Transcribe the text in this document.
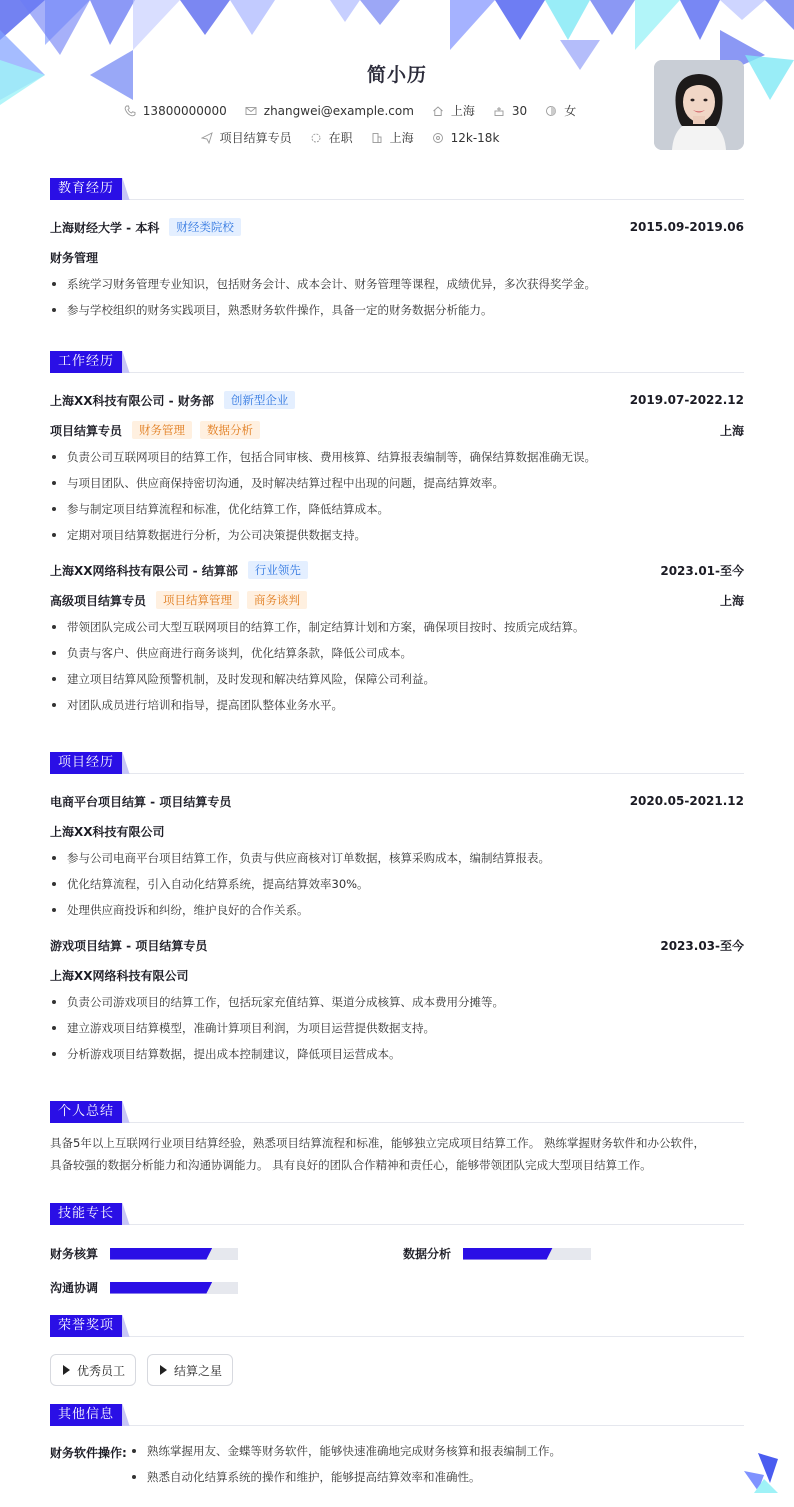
简小历
13800000000	zhangwei@example.com	上海	30	女
项目结算专员	在职	上海	12k-18k
教育经历
上海财经大学 - 本科	财经类院校	2015.09-2019.06
财务管理
系统学习财务管理专业知识，包括财务会计、成本会计、财务管理等课程，成绩优异，多次获得奖学金。
参与学校组织的财务实践项目，熟悉财务软件操作，具备一定的财务数据分析能力。
工作经历
上海XX科技有限公司 - 财务部	创新型企业	2019.07-2022.12
项目结算专员	财务管理	数据分析	上海
负责公司互联网项目的结算工作，包括合同审核、费用核算、结算报表编制等，确保结算数据准确无误。
与项目团队、供应商保持密切沟通，及时解决结算过程中出现的问题，提高结算效率。
参与制定项目结算流程和标准，优化结算工作，降低结算成本。
定期对项目结算数据进行分析，为公司决策提供数据支持。
上海XX网络科技有限公司 - 结算部	行业领先	2023.01-至今
高级项目结算专员	项目结算管理	商务谈判	上海
带领团队完成公司大型互联网项目的结算工作，制定结算计划和方案，确保项目按时、按质完成结算。
负责与客户、供应商进行商务谈判，优化结算条款，降低公司成本。
建立项目结算风险预警机制，及时发现和解决结算风险，保障公司利益。
对团队成员进行培训和指导，提高团队整体业务水平。
项目经历
电商平台项目结算 - 项目结算专员	2020.05-2021.12
上海XX科技有限公司
参与公司电商平台项目结算工作，负责与供应商核对订单数据，核算采购成本，编制结算报表。
优化结算流程，引入自动化结算系统，提高结算效率30%。
处理供应商投诉和纠纷，维护良好的合作关系。
游戏项目结算 - 项目结算专员	2023.03-至今
上海XX网络科技有限公司
负责公司游戏项目的结算工作，包括玩家充值结算、渠道分成核算、成本费用分摊等。
建立游戏项目结算模型，准确计算项目利润，为项目运营提供数据支持。
分析游戏项目结算数据，提出成本控制建议，降低项目运营成本。
个人总结
具备5年以上互联网行业项目结算经验，熟悉项目结算流程和标准，能够独立完成项目结算工作。 熟练掌握财务软件和办公软件，
具备较强的数据分析能力和沟通协调能力。 具有良好的团队合作精神和责任心，能够带领团队完成大型项目结算工作。
技能专长
财务核算	数据分析
沟通协调
荣誉奖项
优秀员工	结算之星
其他信息
财务软件操作:	熟练掌握用友、金蝶等财务软件，能够快速准确地完成财务核算和报表编制工作。
熟悉自动化结算系统的操作和维护，能够提高结算效率和准确性。
